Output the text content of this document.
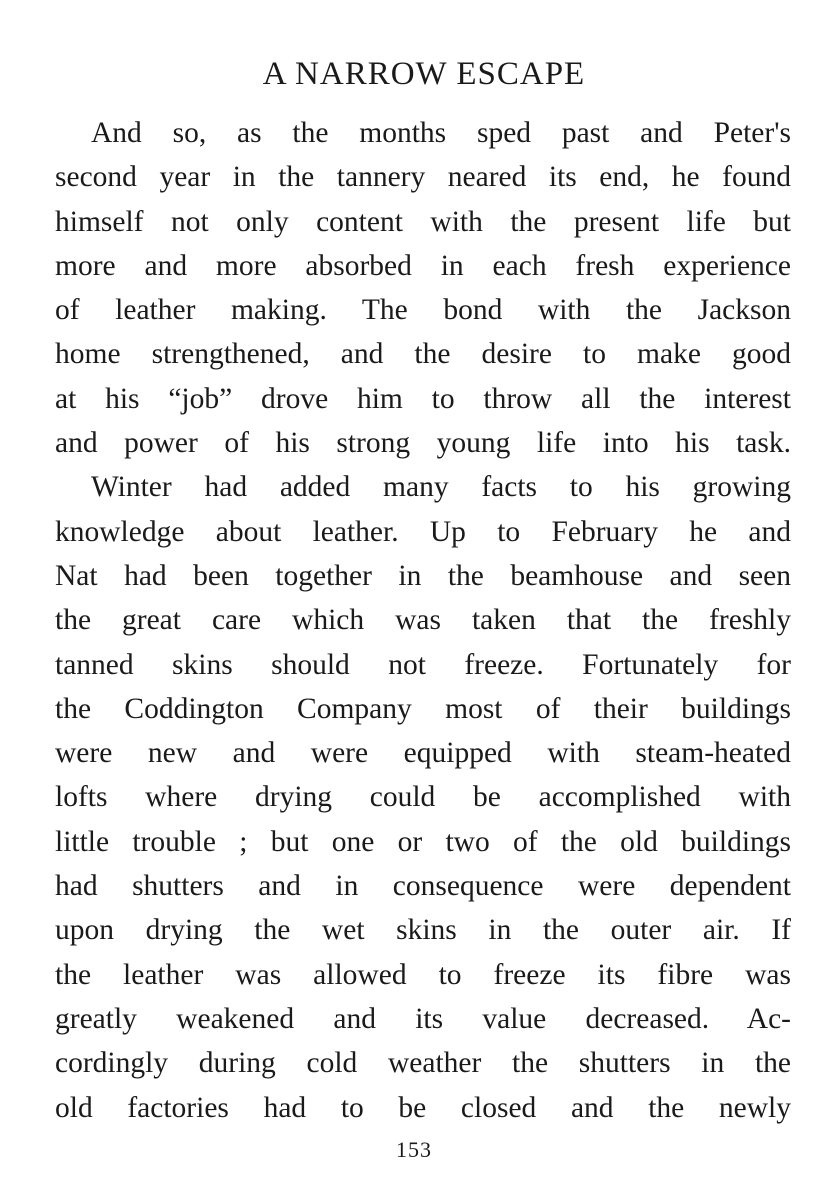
A NARROW ESCAPE
And so, as the months sped past and Peter's
second year in the tannery neared its end, he found
himself not only content with the present life but
more and more absorbed in each fresh experience
of leather making. The bond with the Jackson
home strengthened, and the desire to make good
at his “job” drove him to throw all the interest
and power of his strong young life into his task.
Winter had added many facts to his growing
knowledge about leather. Up to February he and
Nat had been together in the beamhouse and seen
the great care which was taken that the freshly
tanned skins should not freeze. Fortunately for
the Coddington Company most of their buildings
were new and were equipped with steam-heated
lofts where drying could be accomplished with
little trouble ; but one or two of the old buildings
had shutters and in consequence were dependent
upon drying the wet skins in the outer air. If
the leather was allowed to freeze its fibre was
greatly weakened and its value decreased. Ac-
cordingly during cold weather the shutters in the
old factories had to be closed and the newly
153
